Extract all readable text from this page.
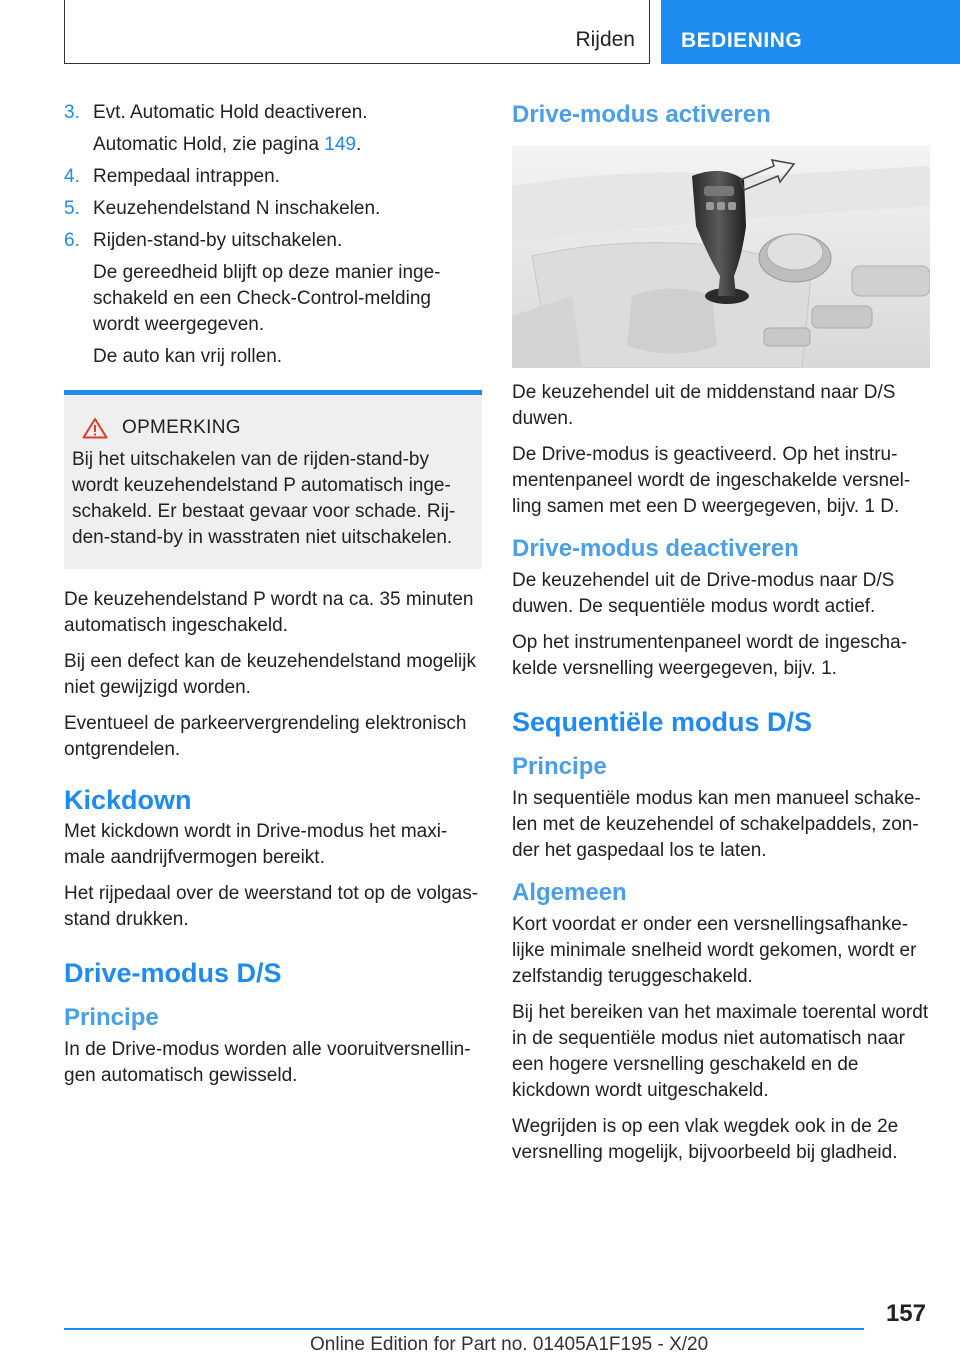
Rijden BEDIENING
3. Evt. Automatic Hold deactiveren.

Automatic Hold, zie pagina 149.

4. Rempedaal intrappen.
5. Keuzehendelstand N inschakelen.
6. Rijden-stand-by uitschakelen.

De gereedheid blijft op deze manier inge-schakeld en een Check-Control-melding wordt weergegeven.

De auto kan vrij rollen.

OPMERKING

Bij het uitschakelen van de rijden-stand-by wordt keuzehendelstand P automatisch inge-schakeld. Er bestaat gevaar voor schade. Rij-den-stand-by in wasstraten niet uitschakelen.

De keuzehendelstand P wordt na ca. 35 minuten automatisch ingeschakeld.

Bij een defect kan de keuzehendelstand mogelijk niet gewijzigd worden.

Eventueel de parkeervergrendeling elektronisch ontgrendelen.

Kickdown

Met kickdown wordt in Drive-modus het maxi-male aandrijfvermogen bereikt.

Het rijpedaal over de weerstand tot op de volgas-stand drukken.

Drive-modus D/S
Principe

In de Drive-modus worden alle vooruitversnellin-gen automatisch gewisseld.

Drive-modus activeren

De keuzehendel uit de middenstand naar D/S duwen.

De Drive-modus is geactiveerd. Op het instru-mentenpaneel wordt de ingeschakelde versnel-ling samen met een D weergegeven, bijv. 1 D.

Drive-modus deactiveren

De keuzehendel uit de Drive-modus naar D/S duwen. De sequentiële modus wordt actief.

Op het instrumentenpaneel wordt de ingescha-kelde versnelling weergegeven, bijv. 1.

Sequentiële modus D/S
Principe

In sequentiële modus kan men manueel schake-len met de keuzehendel of schakelpaddels, zon-der het gaspedaal los te laten.

Algemeen

Kort voordat er onder een versnellingsafhanke-lijke minimale snelheid wordt gekomen, wordt er zelfstandig teruggeschakeld.

Bij het bereiken van het maximale toerental wordt in de sequentiële modus niet automatisch naar een hogere versnelling geschakeld en de kickdown wordt uitgeschakeld.

Wegrijden is op een vlak wegdek ook in de 2e versnelling mogelijk, bijvoorbeeld bij gladheid.

157
Online Edition for Part no. 01405A1F195 - X/20
